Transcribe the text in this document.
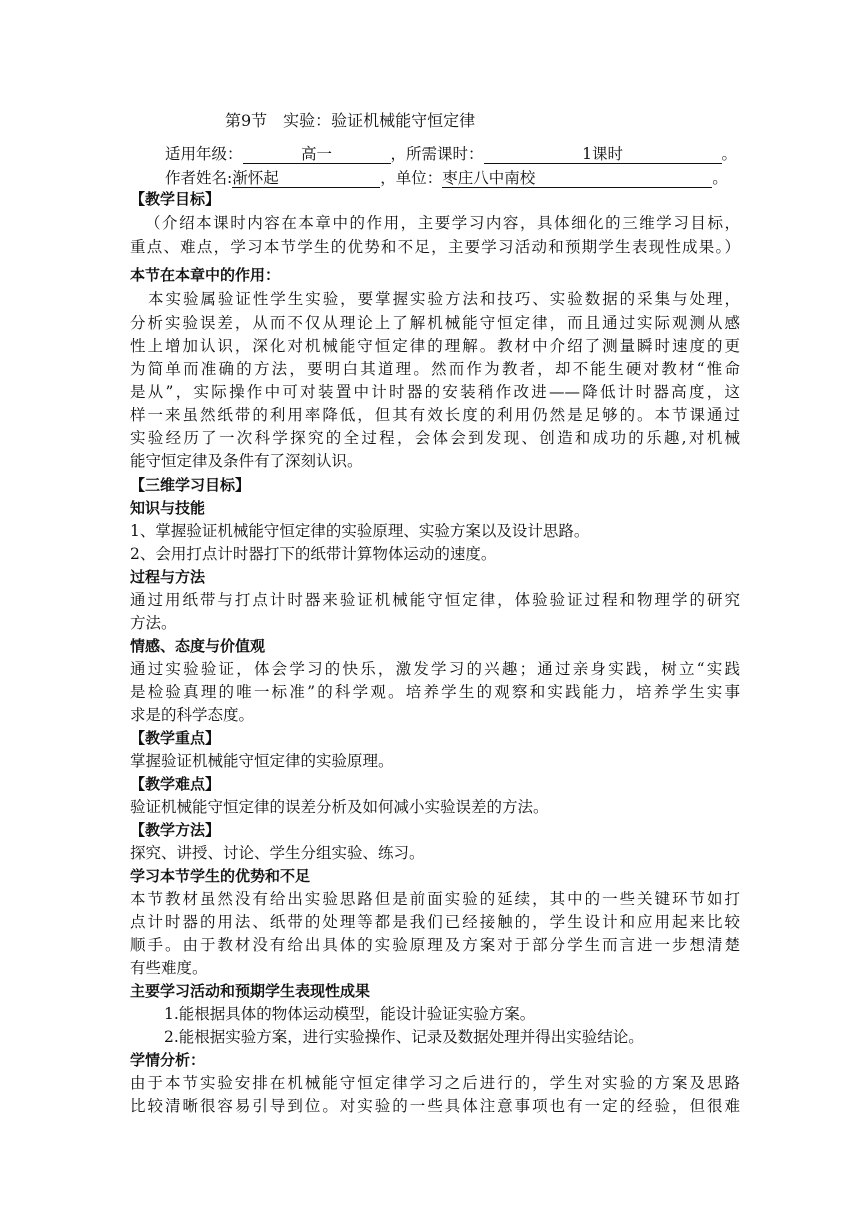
第9节　实验：验证机械能守恒定律
适用年级：	高一	，所需课时：	1课时	。
作者姓名:渐怀起	，单位：枣庄八中南校	。
【教学目标】
（介绍本课时内容在本章中的作用，主要学习内容，具体细化的三维学习目标，
重点、难点，学习本节学生的优势和不足，主要学习活动和预期学生表现性成果。）
本节在本章中的作用：
本实验属验证性学生实验，要掌握实验方法和技巧、实验数据的采集与处理，
分析实验误差，从而不仅从理论上了解机械能守恒定律，而且通过实际观测从感
性上增加认识，深化对机械能守恒定律的理解。教材中介绍了测量瞬时速度的更
为简单而准确的方法，要明白其道理。然而作为教者，却不能生硬对教材“惟命
是从”，实际操作中可对装置中计时器的安装稍作改进——降低计时器高度，这
样一来虽然纸带的利用率降低，但其有效长度的利用仍然是足够的。本节课通过
实验经历了一次科学探究的全过程，会体会到发现、创造和成功的乐趣,对机械
能守恒定律及条件有了深刻认识。
【三维学习目标】
知识与技能
1、掌握验证机械能守恒定律的实验原理、实验方案以及设计思路。
2、会用打点计时器打下的纸带计算物体运动的速度。
过程与方法
通过用纸带与打点计时器来验证机械能守恒定律，体验验证过程和物理学的研究
方法。
情感、态度与价值观
通过实验验证，体会学习的快乐，激发学习的兴趣；通过亲身实践，树立“实践
是检验真理的唯一标准”的科学观。培养学生的观察和实践能力，培养学生实事
求是的科学态度。
【教学重点】
掌握验证机械能守恒定律的实验原理。
【教学难点】
验证机械能守恒定律的误差分析及如何减小实验误差的方法。
【教学方法】
探究、讲授、讨论、学生分组实验、练习。
学习本节学生的优势和不足
本节教材虽然没有给出实验思路但是前面实验的延续，其中的一些关键环节如打
点计时器的用法、纸带的处理等都是我们已经接触的，学生设计和应用起来比较
顺手。由于教材没有给出具体的实验原理及方案对于部分学生而言进一步想清楚
有些难度。
主要学习活动和预期学生表现性成果
1.能根据具体的物体运动模型，能设计验证实验方案。
2.能根据实验方案，进行实验操作、记录及数据处理并得出实验结论。
学情分析：
由于本节实验安排在机械能守恒定律学习之后进行的，学生对实验的方案及思路
比较清晰很容易引导到位。对实验的一些具体注意事项也有一定的经验，但很难
